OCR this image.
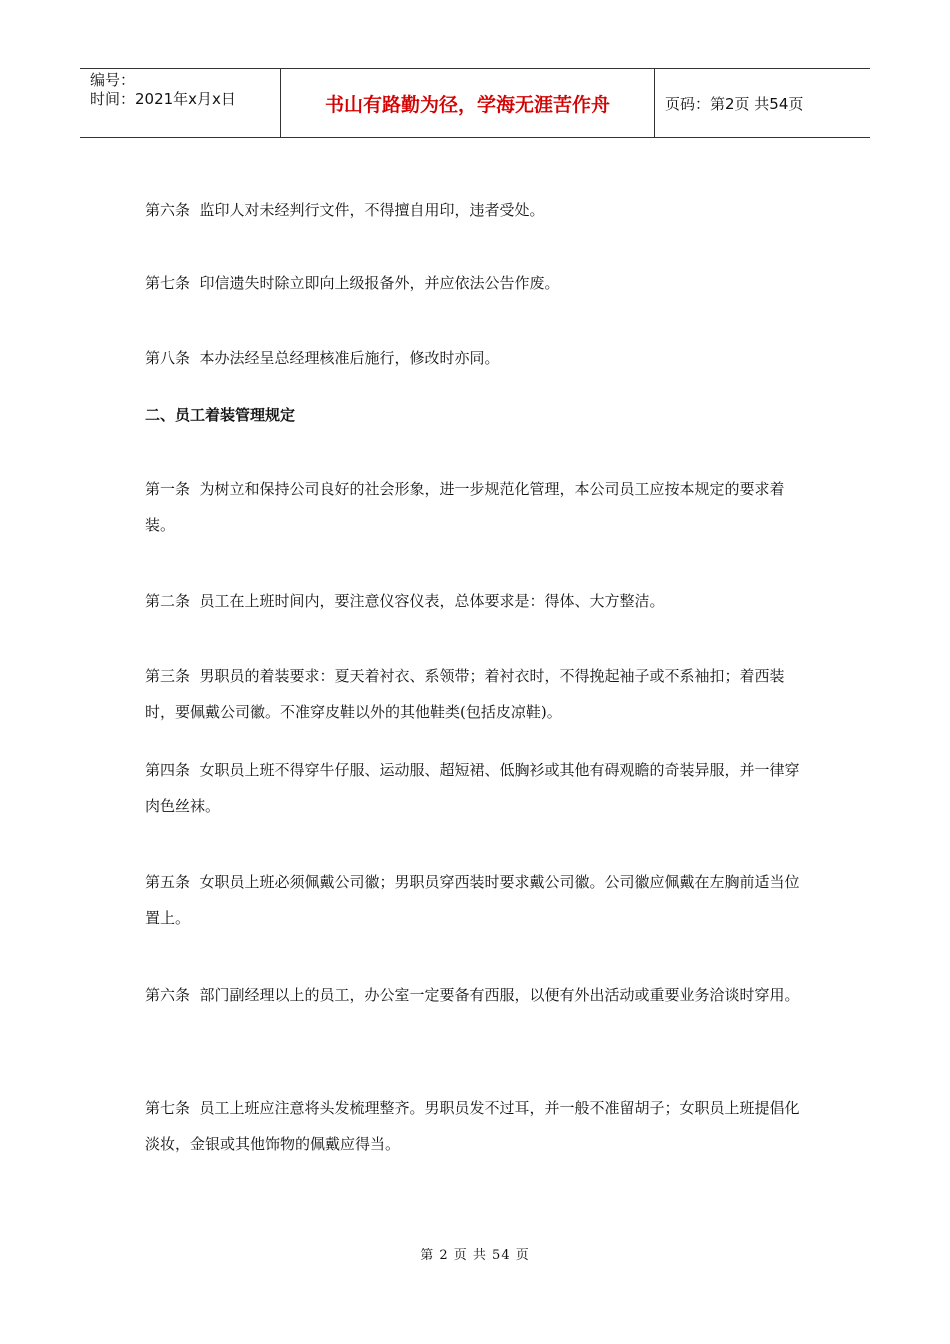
编号：
时间：2021年x月x日	书山有路勤为径，学海无涯苦作舟	页码：第2页 共54页
第六条  监印人对未经判行文件，不得擅自用印，违者受处。
第七条  印信遗失时除立即向上级报备外，并应依法公告作废。
第八条  本办法经呈总经理核准后施行，修改时亦同。
二、员工着装管理规定
第一条  为树立和保持公司良好的社会形象，进一步规范化管理，本公司员工应按本规定的要求着装。
第二条  员工在上班时间内，要注意仪容仪表，总体要求是：得体、大方整洁。
第三条  男职员的着装要求：夏天着衬衣、系领带；着衬衣时，不得挽起袖子或不系袖扣；着西装时，要佩戴公司徽。不准穿皮鞋以外的其他鞋类(包括皮凉鞋)。
第四条  女职员上班不得穿牛仔服、运动服、超短裙、低胸衫或其他有碍观瞻的奇装异服，并一律穿肉色丝袜。
第五条  女职员上班必须佩戴公司徽；男职员穿西装时要求戴公司徽。公司徽应佩戴在左胸前适当位置上。
第六条  部门副经理以上的员工，办公室一定要备有西服，以便有外出活动或重要业务洽谈时穿用。
第七条  员工上班应注意将头发梳理整齐。男职员发不过耳，并一般不准留胡子；女职员上班提倡化淡妆，金银或其他饰物的佩戴应得当。
第 2 页 共 54 页
